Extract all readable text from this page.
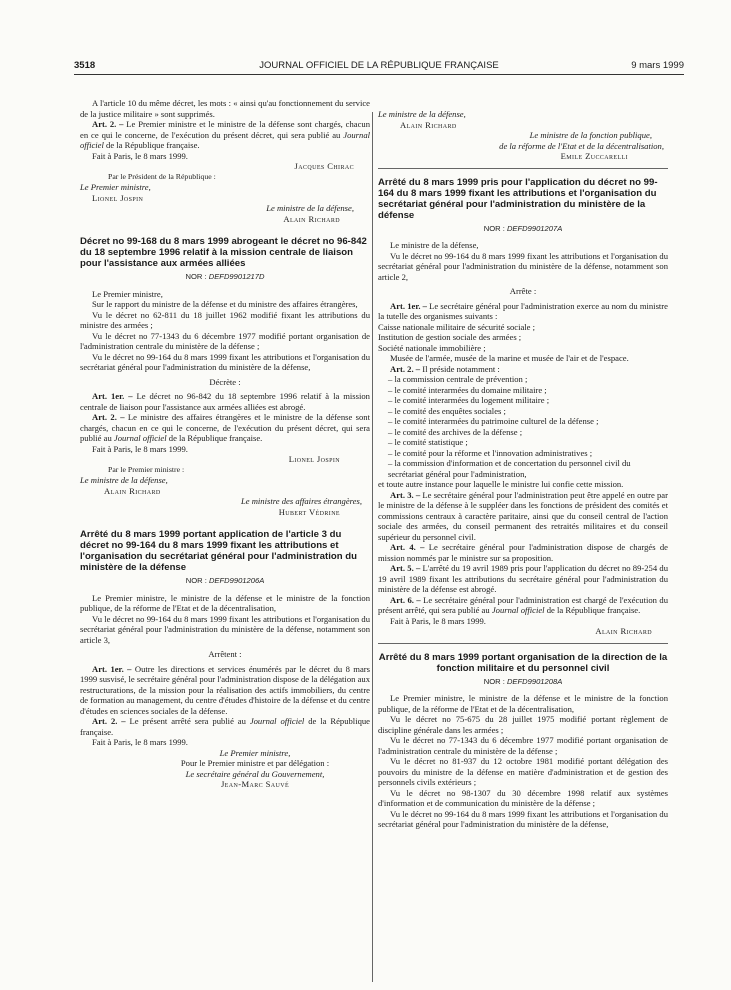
3518	JOURNAL OFFICIEL DE LA RÉPUBLIQUE FRANÇAISE	9 mars 1999

A l'article 10 du même décret, les mots : « ainsi qu'au fonctionnement du service de la justice militaire » sont supprimés.

Art. 2. – Le Premier ministre et le ministre de la défense sont chargés, chacun en ce qui le concerne, de l'exécution du présent décret, qui sera publié au Journal officiel de la République française.

Fait à Paris, le 8 mars 1999.

Jacques Chirac

Par le Président de la République :

Le Premier ministre,

Lionel Jospin

Le ministre de la défense,

Alain Richard

Décret no 99-168 du 8 mars 1999 abrogeant le décret no 96-842 du 18 septembre 1996 relatif à la mission centrale de liaison pour l'assistance aux armées alliées

NOR : DEFD9901217D

Le Premier ministre,

Sur le rapport du ministre de la défense et du ministre des affaires étrangères,

Vu le décret no 62-811 du 18 juillet 1962 modifié fixant les attributions du ministre des armées ;

Vu le décret no 77-1343 du 6 décembre 1977 modifié portant organisation de l'administration centrale du ministère de la défense ;

Vu le décret no 99-164 du 8 mars 1999 fixant les attributions et l'organisation du secrétariat général pour l'administration du ministère de la défense,

Décrète :

Art. 1er. – Le décret no 96-842 du 18 septembre 1996 relatif à la mission centrale de liaison pour l'assistance aux armées alliées est abrogé.

Art. 2. – Le ministre des affaires étrangères et le ministre de la défense sont chargés, chacun en ce qui le concerne, de l'exécution du présent décret, qui sera publié au Journal officiel de la République française.

Fait à Paris, le 8 mars 1999.

Lionel Jospin

Par le Premier ministre :

Le ministre de la défense,

Alain Richard

Le ministre des affaires étrangères,

Hubert Védrine

Arrêté du 8 mars 1999 portant application de l'article 3 du décret no 99-164 du 8 mars 1999 fixant les attributions et l'organisation du secrétariat général pour l'administration du ministère de la défense

NOR : DEFD9901206A

Le Premier ministre, le ministre de la défense et le ministre de la fonction publique, de la réforme de l'Etat et de la décentralisation,

Vu le décret no 99-164 du 8 mars 1999 fixant les attributions et l'organisation du secrétariat général pour l'administration du ministère de la défense, notamment son article 3,

Arrêtent :

Art. 1er. – Outre les directions et services énumérés par le décret du 8 mars 1999 susvisé, le secrétaire général pour l'administration dispose de la délégation aux restructurations, de la mission pour la réalisation des actifs immobiliers, du centre de formation au management, du centre d'études d'histoire de la défense et du centre d'études en sciences sociales de la défense.

Art. 2. – Le présent arrêté sera publié au Journal officiel de la République française.

Fait à Paris, le 8 mars 1999.

Le Premier ministre,

Pour le Premier ministre et par délégation :

Le secrétaire général du Gouvernement,

Jean-Marc Sauvé

Le ministre de la défense,

Alain Richard

Le ministre de la fonction publique,

de la réforme de l'Etat et de la décentralisation,

Emile Zuccarelli

Arrêté du 8 mars 1999 pris pour l'application du décret no 99-164 du 8 mars 1999 fixant les attributions et l'organisation du secrétariat général pour l'administration du ministère de la défense

NOR : DEFD9901207A

Le ministre de la défense,

Vu le décret no 99-164 du 8 mars 1999 fixant les attributions et l'organisation du secrétariat général pour l'administration du ministère de la défense, notamment son article 2,

Arrête :

Art. 1er. – Le secrétaire général pour l'administration exerce au nom du ministre la tutelle des organismes suivants :

Caisse nationale militaire de sécurité sociale ;

Institution de gestion sociale des armées ;

Société nationale immobilière ;

Musée de l'armée, musée de la marine et musée de l'air et de l'espace.

Art. 2. – Il préside notamment :

– la commission centrale de prévention ;

– le comité interarmées du domaine militaire ;

– le comité interarmées du logement militaire ;

– le comité des enquêtes sociales ;

– le comité interarmées du patrimoine culturel de la défense ;

– le comité des archives de la défense ;

– le comité statistique ;

– le comité pour la réforme et l'innovation administratives ;

– la commission d'information et de concertation du personnel civil du secrétariat général pour l'administration,

et toute autre instance pour laquelle le ministre lui confie cette mission.

Art. 3. – Le secrétaire général pour l'administration peut être appelé en outre par le ministre de la défense à le suppléer dans les fonctions de président des comités et commissions centraux à caractère paritaire, ainsi que du conseil central de l'action sociale des armées, du conseil permanent des retraités militaires et du conseil supérieur du personnel civil.

Art. 4. – Le secrétaire général pour l'administration dispose de chargés de mission nommés par le ministre sur sa proposition.

Art. 5. – L'arrêté du 19 avril 1989 pris pour l'application du décret no 89-254 du 19 avril 1989 fixant les attributions du secrétaire général pour l'administration du ministère de la défense est abrogé.

Art. 6. – Le secrétaire général pour l'administration est chargé de l'exécution du présent arrêté, qui sera publié au Journal officiel de la République française.

Fait à Paris, le 8 mars 1999.

Alain Richard

Arrêté du 8 mars 1999 portant organisation de la direction de la fonction militaire et du personnel civil

NOR : DEFD9901208A

Le Premier ministre, le ministre de la défense et le ministre de la fonction publique, de la réforme de l'Etat et de la décentralisation,

Vu le décret no 75-675 du 28 juillet 1975 modifié portant règlement de discipline générale dans les armées ;

Vu le décret no 77-1343 du 6 décembre 1977 modifié portant organisation de l'administration centrale du ministère de la défense ;

Vu le décret no 81-937 du 12 octobre 1981 modifié portant délégation des pouvoirs du ministre de la défense en matière d'administration et de gestion des personnels civils extérieurs ;

Vu le décret no 98-1307 du 30 décembre 1998 relatif aux systèmes d'information et de communication du ministère de la défense ;

Vu le décret no 99-164 du 8 mars 1999 fixant les attributions et l'organisation du secrétariat général pour l'administration du ministère de la défense,
